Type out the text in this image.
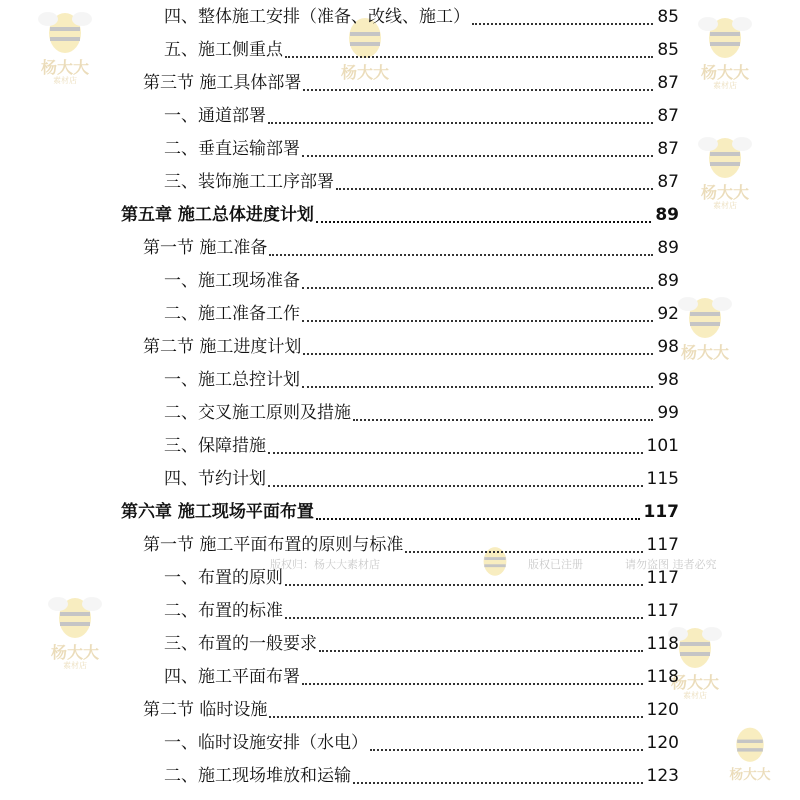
杨大大
素材店	杨大大
素材店
杨大大
素材店
杨大大
杨大大
杨大大
素材店
杨大大
素材店
杨大大
版权归：杨大大素材店	版权已注册	请勿盗图 违者必究
四、整体施工安排（准备、改线、施工）	85
五、施工侧重点	85
第三节 施工具体部署	87
一、通道部署	87
二、垂直运输部署	87
三、装饰施工工序部署	87
第五章 施工总体进度计划	89
第一节 施工准备	89
一、施工现场准备	89
二、施工准备工作	92
第二节 施工进度计划	98
一、施工总控计划	98
二、交叉施工原则及措施	99
三、保障措施	101
四、节约计划	115
第六章 施工现场平面布置	117
第一节 施工平面布置的原则与标准	117
一、布置的原则	117
二、布置的标准	117
三、布置的一般要求	118
四、施工平面布署	118
第二节 临时设施	120
一、临时设施安排（水电）	120
二、施工现场堆放和运输	123
